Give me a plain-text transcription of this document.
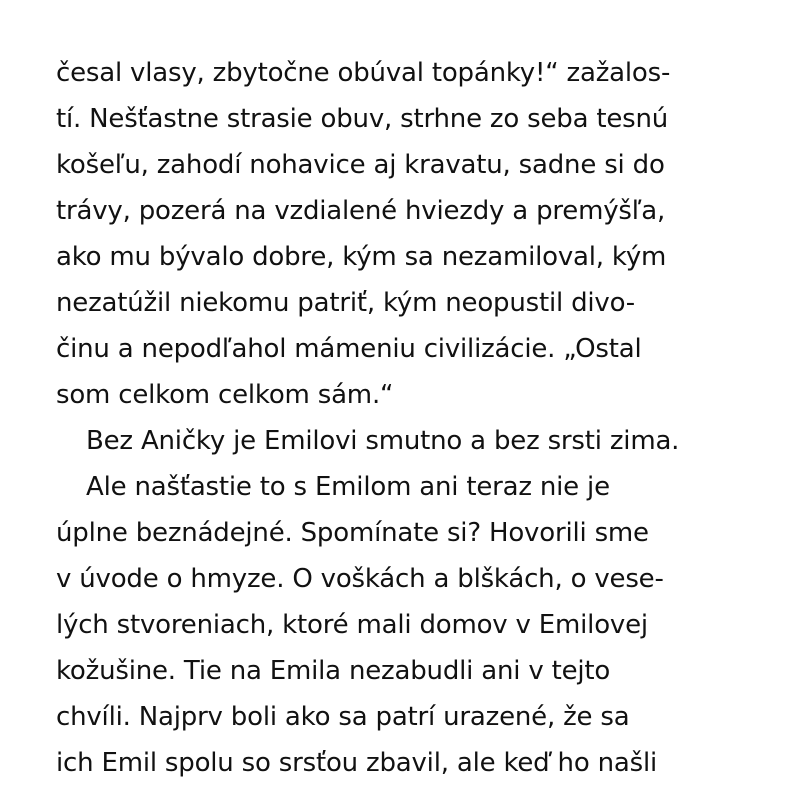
česal vlasy, zbytočne obúval topánky!“ zažalos-
tí. Nešťastne strasie obuv, strhne zo seba tesnú
košeľu, zahodí nohavice aj kravatu, sadne si do
trávy, pozerá na vzdialené hviezdy a premýšľa,
ako mu bývalo dobre, kým sa nezamiloval, kým
nezatúžil niekomu patriť, kým neopustil divo-
činu a nepodľahol mámeniu civilizácie. „Ostal
som celkom celkom sám.“
Bez Aničky je Emilovi smutno a bez srsti zima.
Ale našťastie to s Emilom ani teraz nie je
úplne beznádejné. Spomínate si? Hovorili sme
v úvode o hmyze. O voškách a blškách, o vese-
lých stvoreniach, ktoré mali domov v Emilovej
kožušine. Tie na Emila nezabudli ani v tejto
chvíli. Najprv boli ako sa patrí urazené, že sa
ich Emil spolu so srsťou zbavil, ale keď ho našli
